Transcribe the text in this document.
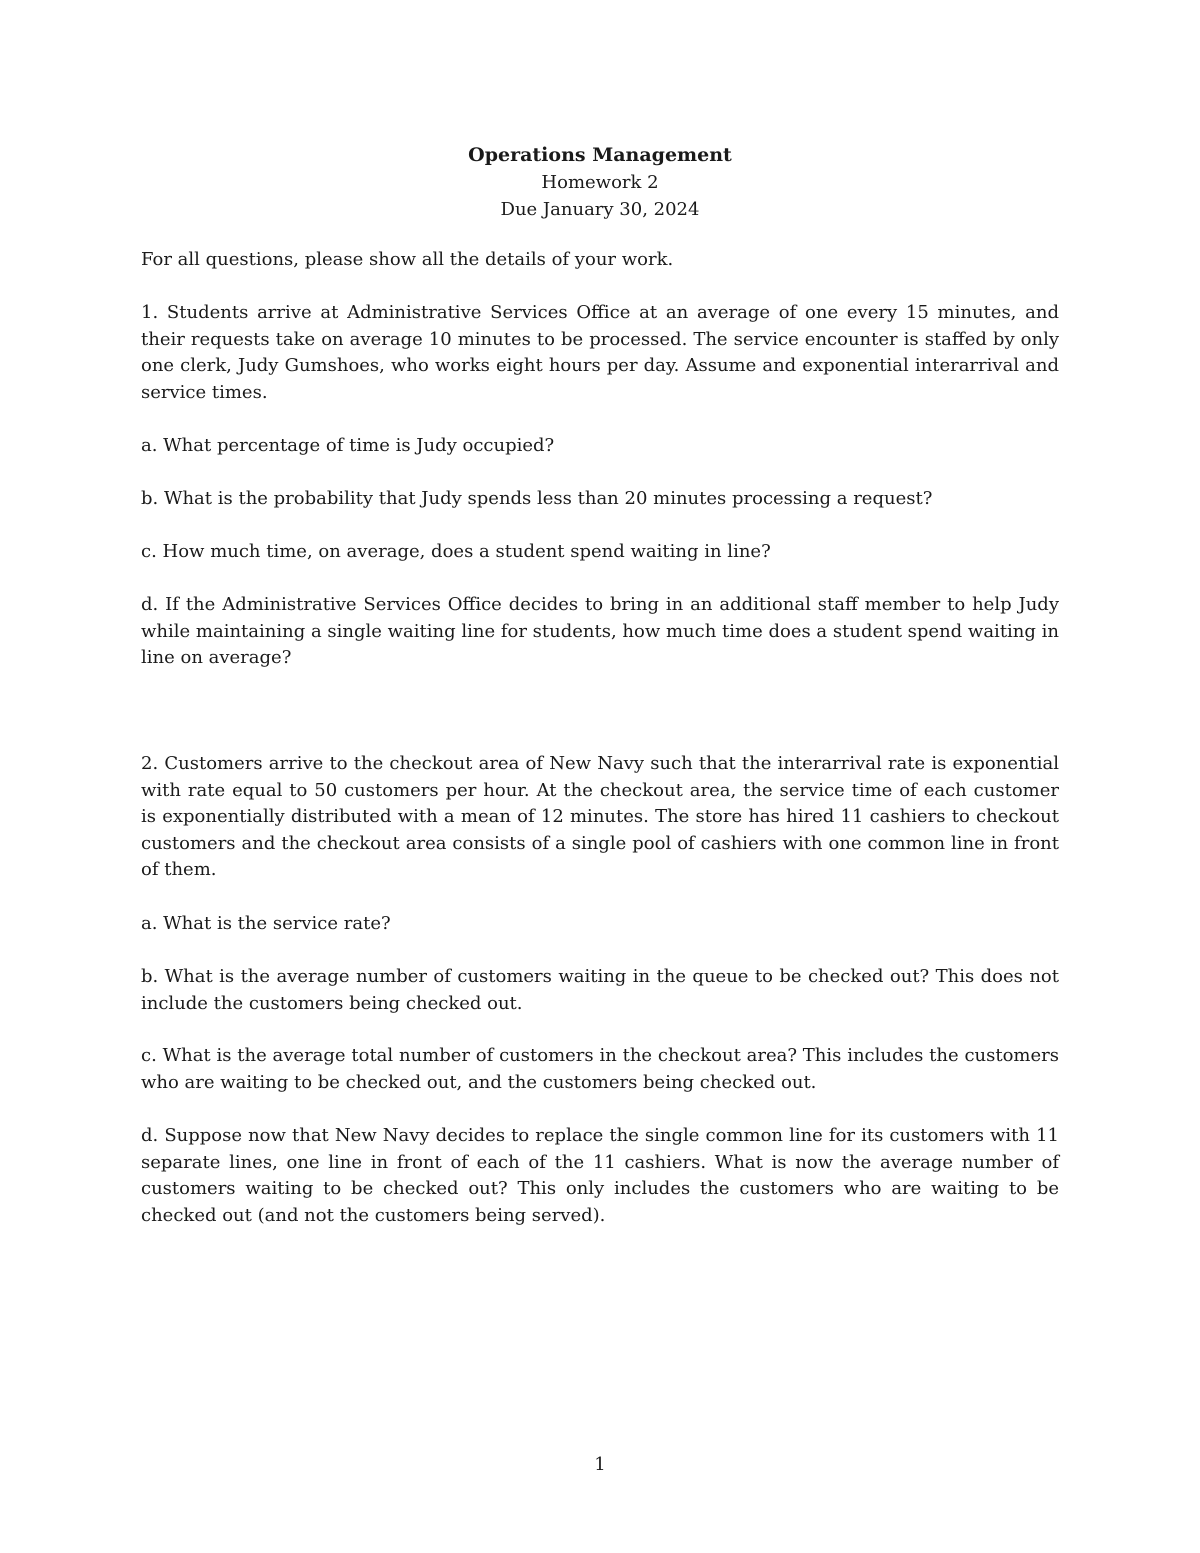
Operations Management

Homework 2

Due January 30, 2024

For all questions, please show all the details of your work.

1. Students arrive at Administrative Services Office at an average of one every 15 minutes, and their requests take on average 10 minutes to be processed. The service encounter is staffed by only one clerk, Judy Gumshoes, who works eight hours per day. Assume and exponential interarrival and service times.

a. What percentage of time is Judy occupied?

b. What is the probability that Judy spends less than 20 minutes processing a request?

c. How much time, on average, does a student spend waiting in line?

d. If the Administrative Services Office decides to bring in an additional staff member to help Judy while maintaining a single waiting line for students, how much time does a student spend waiting in line on average?

2. Customers arrive to the checkout area of New Navy such that the interarrival rate is exponential with rate equal to 50 customers per hour. At the checkout area, the service time of each customer is exponentially distributed with a mean of 12 minutes. The store has hired 11 cashiers to checkout customers and the checkout area consists of a single pool of cashiers with one common line in front of them.

a. What is the service rate?

b. What is the average number of customers waiting in the queue to be checked out? This does not include the customers being checked out.

c. What is the average total number of customers in the checkout area? This includes the customers who are waiting to be checked out, and the customers being checked out.

d. Suppose now that New Navy decides to replace the single common line for its customers with 11 separate lines, one line in front of each of the 11 cashiers. What is now the average number of customers waiting to be checked out? This only includes the customers who are waiting to be checked out (and not the customers being served).

1
